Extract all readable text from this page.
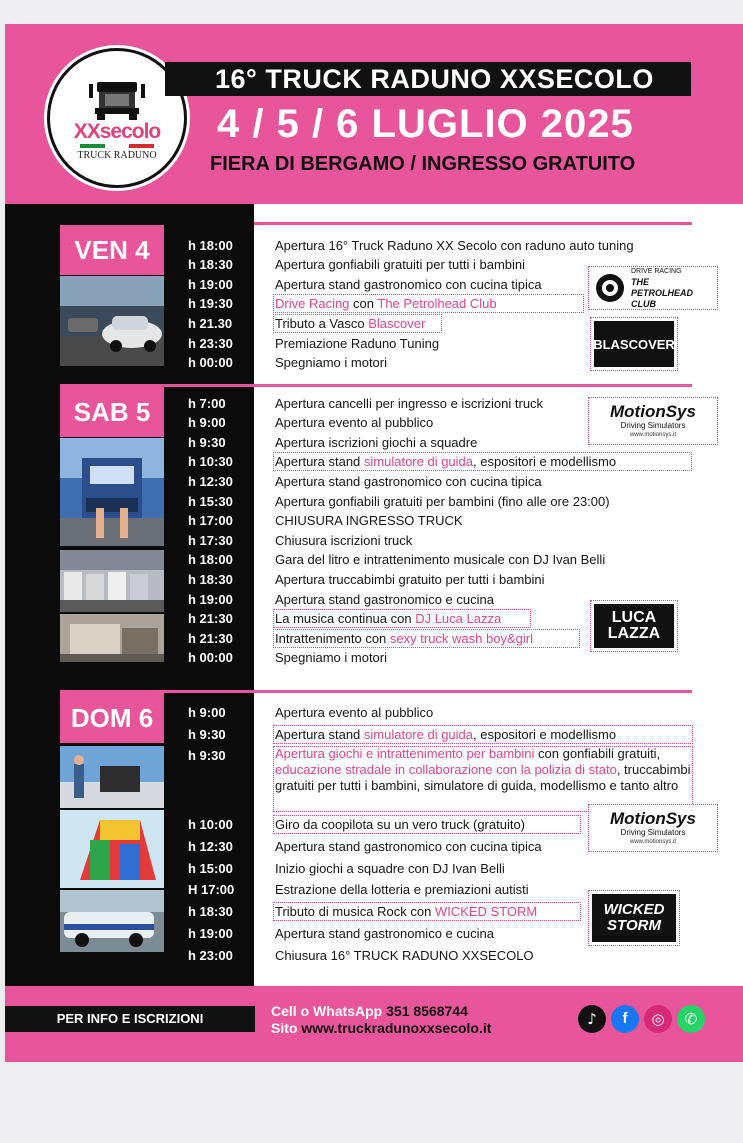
XXsecolo
TRUCK RADUNO
16° TRUCK RADUNO XXSECOLO
4 / 5 / 6 LUGLIO 2025
FIERA DI BERGAMO / INGRESSO GRATUITO
VEN 4
SAB 5
DOM 6
h 18:00	Apertura 16° Truck Raduno XX Secolo con raduno auto tuning
h 18:30	Apertura gonfiabili gratuiti per tutti i bambini
h 19:00	Apertura stand gastronomico con cucina tipica
h 19:30	Drive Racing con The Petrolhead Club
h 21.30	Tributo a Vasco Blascover
h 23:30	Premiazione Raduno Tuning
h 00:00	Spegniamo i motori
DRIVE RACING
THE PETROLHEAD CLUB
BLASCOVER
h 7:00	Apertura cancelli per ingresso e iscrizioni truck
h 9:00	Apertura evento al pubblico
h 9:30	Apertura iscrizioni giochi a squadre
h 10:30	Apertura stand simulatore di guida, espositori e modellismo
h 12:30	Apertura stand gastronomico con cucina tipica
h 15:30	Apertura gonfiabili gratuiti per bambini (fino alle ore 23:00)
h 17:00	CHIUSURA INGRESSO TRUCK
h 17:30	Chiusura iscrizioni truck
h 18:00	Gara del litro e intrattenimento musicale con DJ Ivan Belli
h 18:30	Apertura truccabimbi gratuito per tutti i bambini
h 19:00	Apertura stand gastronomico e cucina
h 21:30	La musica continua con DJ Luca Lazza
h 21:30	Intrattenimento con sexy truck wash boy&girl
h 00:00	Spegniamo i motori
MotionSys
Driving Simulators
www.motionsys.it
LUCA LAZZA
h 9:00	Apertura evento al pubblico
h 9:30	Apertura stand simulatore di guida, espositori e modellismo
h 9:30	Apertura giochi e intrattenimento per bambini con gonfiabili gratuiti, educazione stradale in collaborazione con la polizia di stato, truccabimbi gratuiti per tutti i bambini, simulatore di guida, modellismo e tanto altro
h 10:00	Giro da coopilota su un vero truck (gratuito)
h 12:30	Apertura stand gastronomico con cucina tipica
h 15:00	Inizio giochi a squadre con DJ Ivan Belli
H 17:00	Estrazione della lotteria e premiazioni autisti
h 18:30	Tributo di musica Rock con WICKED STORM
h 19:00	Apertura stand gastronomico e cucina
h 23:00	Chiusura 16° TRUCK RADUNO XXSECOLO
MotionSys
Driving Simulators
www.motionsys.it
WICKED STORM
PER INFO E ISCRIZIONI	Cell o WhatsApp 351 8568744
Sito www.truckradunoxxsecolo.it	♪	f	◎	✆
